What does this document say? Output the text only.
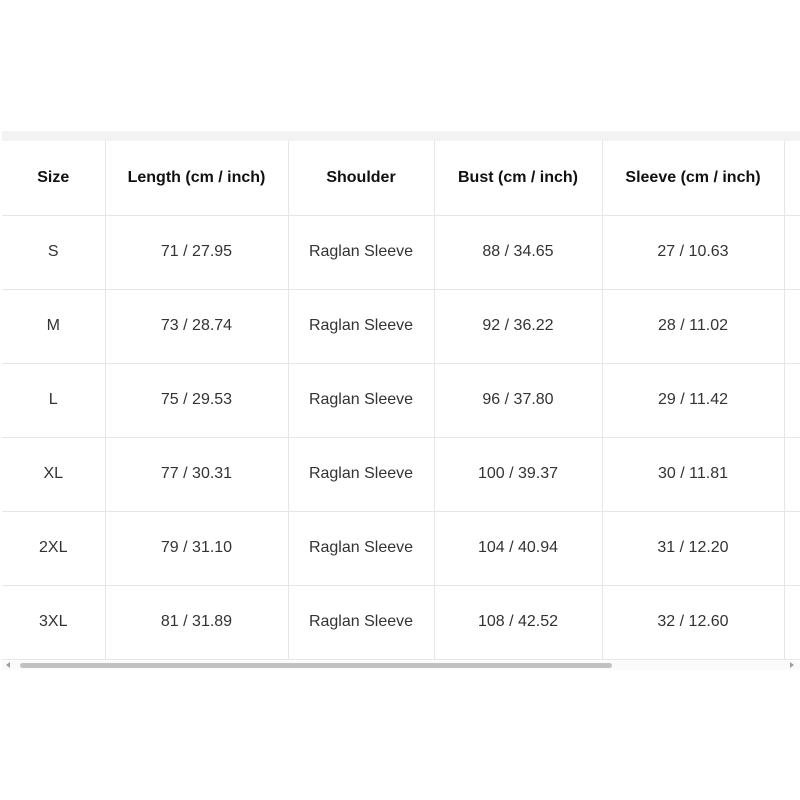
Size	Length (cm / inch)	Shoulder	Bust (cm / inch)	Sleeve (cm / inch)	
S	71 / 27.95	Raglan Sleeve	88 / 34.65	27 / 10.63	
M	73 / 28.74	Raglan Sleeve	92 / 36.22	28 / 11.02	
L	75 / 29.53	Raglan Sleeve	96 / 37.80	29 / 11.42	
XL	77 / 30.31	Raglan Sleeve	100 / 39.37	30 / 11.81	
2XL	79 / 31.10	Raglan Sleeve	104 / 40.94	31 / 12.20	
3XL	81 / 31.89	Raglan Sleeve	108 / 42.52	32 / 12.60	
